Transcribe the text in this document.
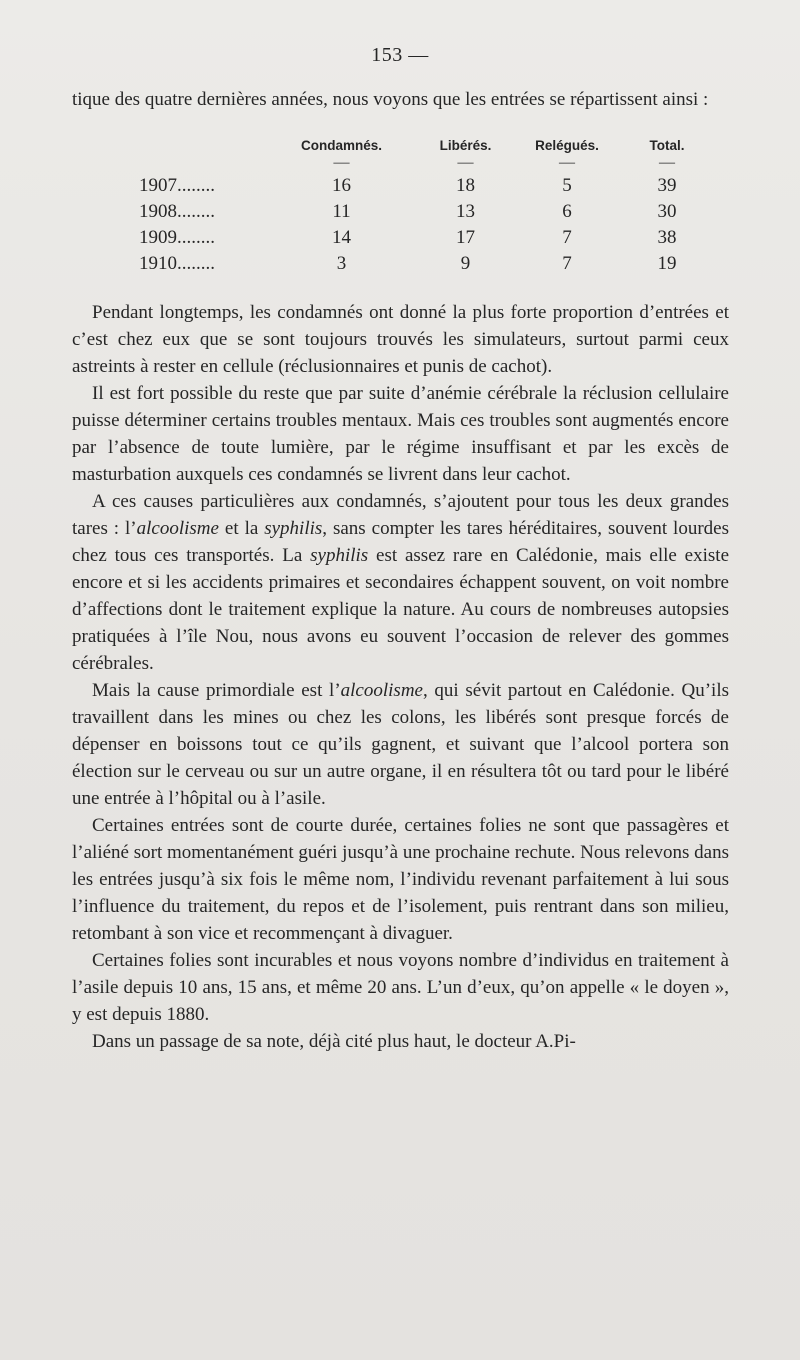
153 —

tique des quatre dernières années, nous voyons que les entrées se répartissent ainsi :

	Condamnés.	Libérés.	Relégués.	Total.
	—	—	—	—
1907........	16	18	5	39
1908........	11	13	6	30
1909........	14	17	7	38
1910........	3	9	7	19

Pendant longtemps, les condamnés ont donné la plus forte proportion d’entrées et c’est chez eux que se sont toujours trouvés les simulateurs, surtout parmi ceux astreints à rester en cellule (réclusionnaires et punis de cachot).

Il est fort possible du reste que par suite d’anémie cérébrale la réclusion cellulaire puisse déterminer certains troubles mentaux. Mais ces troubles sont augmentés encore par l’absence de toute lumière, par le régime insuffisant et par les excès de masturbation auxquels ces condamnés se livrent dans leur cachot.

A ces causes particulières aux condamnés, s’ajoutent pour tous les deux grandes tares : l’alcoolisme et la syphilis, sans compter les tares héréditaires, souvent lourdes chez tous ces transportés. La syphilis est assez rare en Calédonie, mais elle existe encore et si les accidents primaires et secondaires échappent souvent, on voit nombre d’affections dont le traitement explique la nature. Au cours de nombreuses autopsies pratiquées à l’île Nou, nous avons eu souvent l’occasion de relever des gommes cérébrales.

Mais la cause primordiale est l’alcoolisme, qui sévit partout en Calédonie. Qu’ils travaillent dans les mines ou chez les colons, les libérés sont presque forcés de dépenser en boissons tout ce qu’ils gagnent, et suivant que l’alcool portera son élection sur le cerveau ou sur un autre organe, il en résultera tôt ou tard pour le libéré une entrée à l’hôpital ou à l’asile.

Certaines entrées sont de courte durée, certaines folies ne sont que passagères et l’aliéné sort momentanément guéri jusqu’à une prochaine rechute. Nous relevons dans les entrées jusqu’à six fois le même nom, l’individu revenant parfaitement à lui sous l’influence du traitement, du repos et de l’isolement, puis rentrant dans son milieu, retombant à son vice et recommençant à divaguer.

Certaines folies sont incurables et nous voyons nombre d’individus en traitement à l’asile depuis 10 ans, 15 ans, et même 20 ans. L’un d’eux, qu’on appelle « le doyen », y est depuis 1880.

Dans un passage de sa note, déjà cité plus haut, le docteur A.Pi-
